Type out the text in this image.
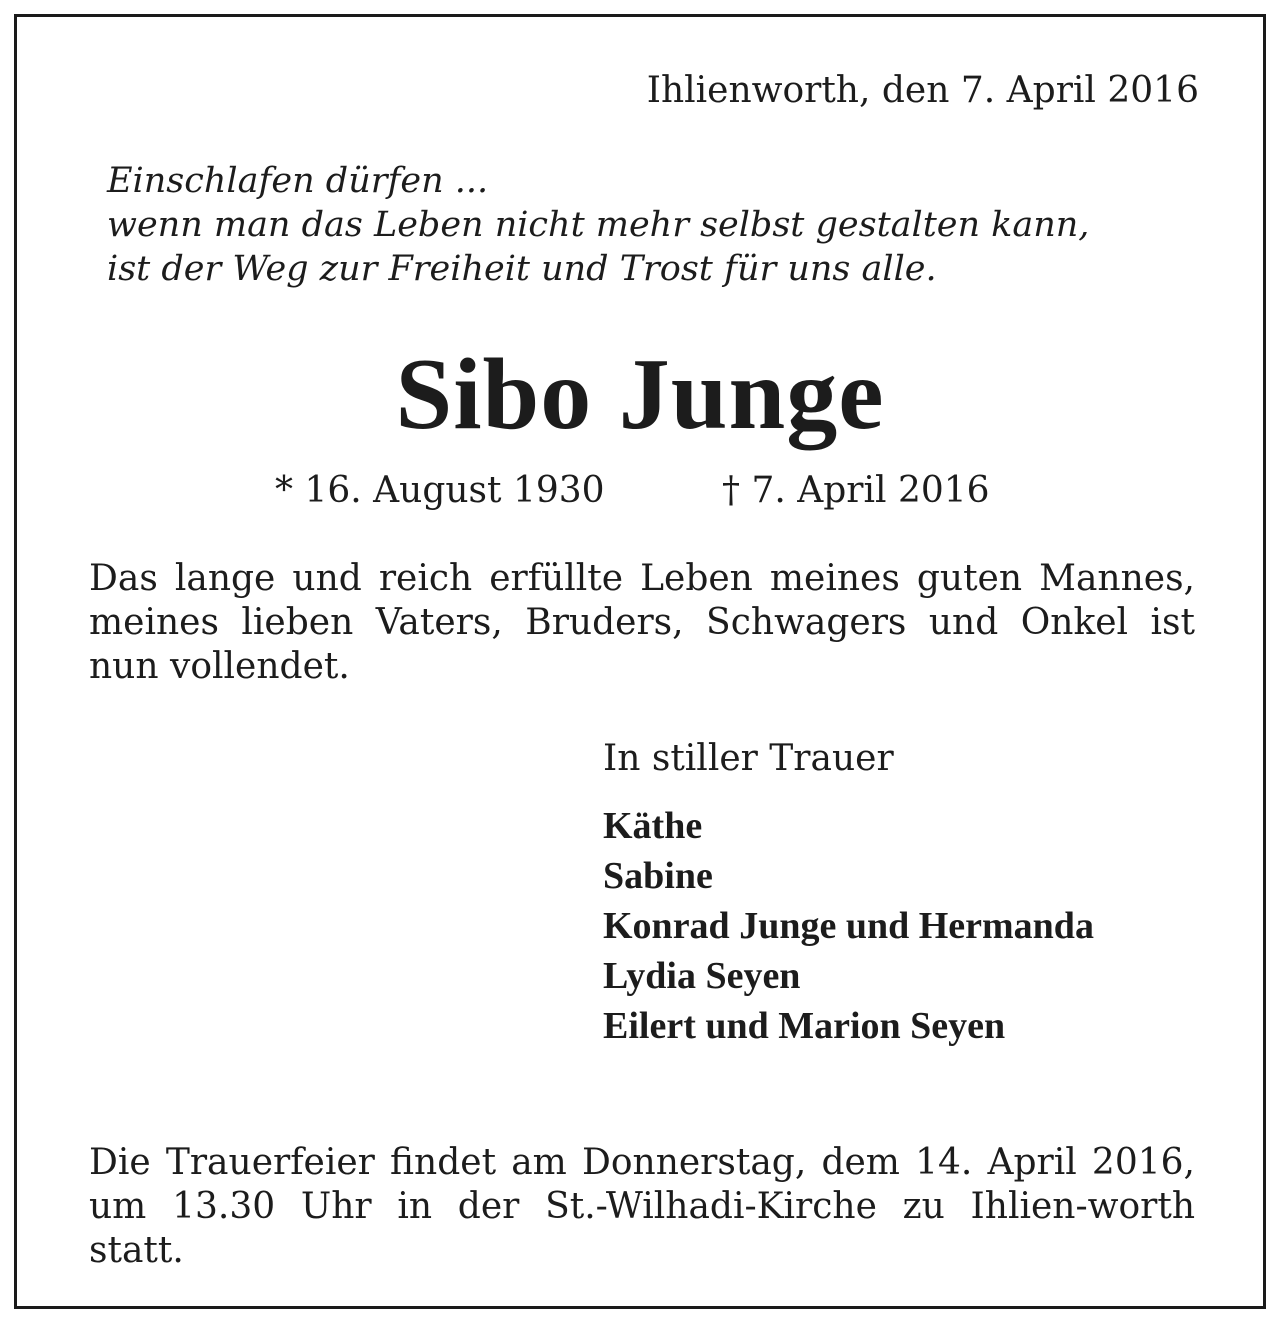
Ihlienworth, den 7. April 2016
Einschlafen dürfen ...
wenn man das Leben nicht mehr selbst gestalten kann,
ist der Weg zur Freiheit und Trost für uns alle.
Sibo Junge
* 16. August 1930	† 7. April 2016
Das lange und reich erfüllte Leben meines guten Mannes, meines lieben Vaters, Bruders, Schwagers und Onkel ist nun vollendet.
In stiller Trauer
Käthe
Sabine
Konrad Junge und Hermanda
Lydia Seyen
Eilert und Marion Seyen
Die Trauerfeier findet am Donnerstag, dem 14. April 2016, um 13.30 Uhr in der St.-Wilhadi-Kirche zu Ihlien-worth statt.
